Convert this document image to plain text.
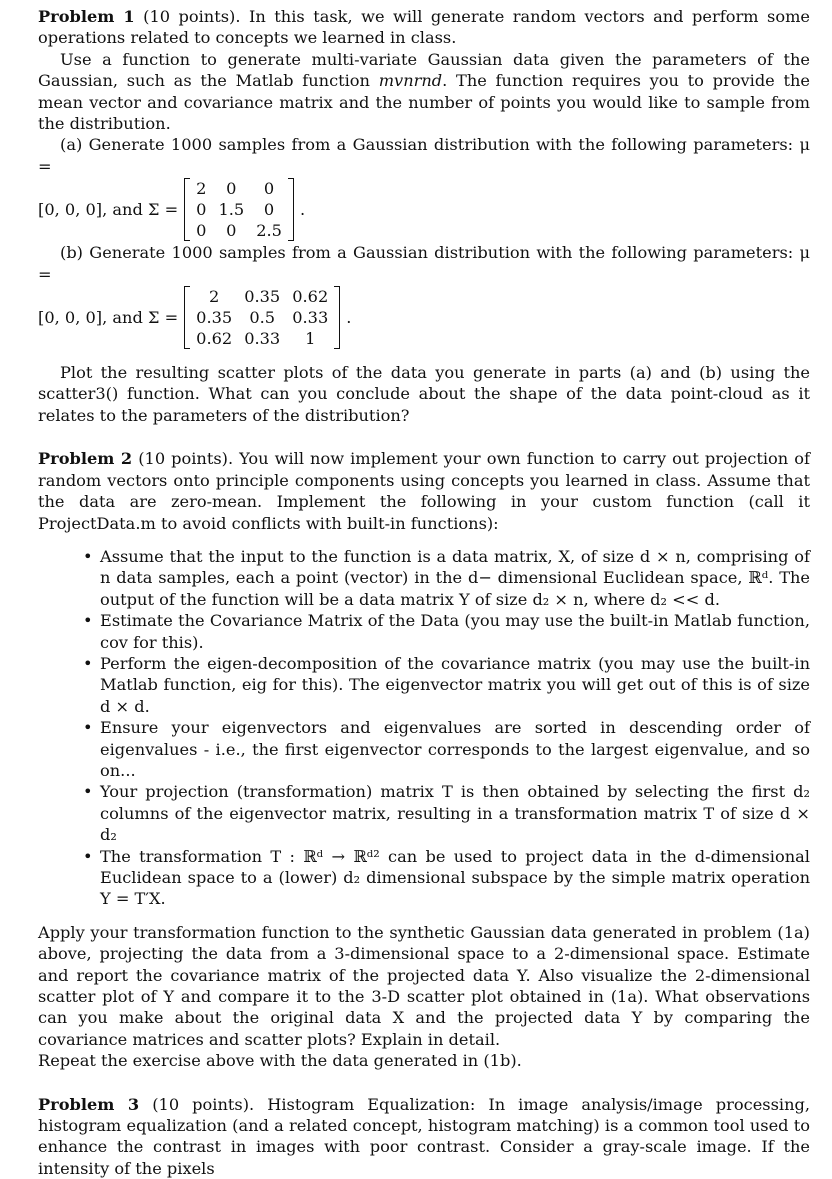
Problem 1 (10 points). In this task, we will generate random vectors and perform some operations related to concepts we learned in class.

Use a function to generate multi-variate Gaussian data given the parameters of the Gaussian, such as the Matlab function mvnrnd. The function requires you to provide the mean vector and covariance matrix and the number of points you would like to sample from the distribution.

(a) Generate 1000 samples from a Gaussian distribution with the following parameters: μ =

[0, 0, 0], and Σ =
2	0	0
0	1.5	0
0	0	2.5
.

(b) Generate 1000 samples from a Gaussian distribution with the following parameters: μ =

[0, 0, 0], and Σ =
2	0.35	0.62
0.35	0.5	0.33
0.62	0.33	1
.

Plot the resulting scatter plots of the data you generate in parts (a) and (b) using the scatter3() function. What can you conclude about the shape of the data point-cloud as it relates to the parameters of the distribution?

Problem 2 (10 points). You will now implement your own function to carry out projection of random vectors onto principle components using concepts you learned in class. Assume that the data are zero-mean. Implement the following in your custom function (call it ProjectData.m to avoid conflicts with built-in functions):

• Assume that the input to the function is a data matrix, X, of size d × n, comprising of n data samples, each a point (vector) in the d− dimensional Euclidean space, ℝᵈ. The output of the function will be a data matrix Y of size d₂ × n, where d₂ << d.
• Estimate the Covariance Matrix of the Data (you may use the built-in Matlab function, cov for this).
• Perform the eigen-decomposition of the covariance matrix (you may use the built-in Matlab function, eig for this). The eigenvector matrix you will get out of this is of size d × d.
• Ensure your eigenvectors and eigenvalues are sorted in descending order of eigenvalues - i.e., the first eigenvector corresponds to the largest eigenvalue, and so on...
• Your projection (transformation) matrix T is then obtained by selecting the first d₂ columns of the eigenvector matrix, resulting in a transformation matrix T of size d × d₂
• The transformation T : ℝᵈ → ℝᵈ² can be used to project data in the d-dimensional Euclidean space to a (lower) d₂ dimensional subspace by the simple matrix operation Y = T′X.

Apply your transformation function to the synthetic Gaussian data generated in problem (1a) above, projecting the data from a 3-dimensional space to a 2-dimensional space. Estimate and report the covariance matrix of the projected data Y. Also visualize the 2-dimensional scatter plot of Y and compare it to the 3-D scatter plot obtained in (1a). What observations can you make about the original data X and the projected data Y by comparing the covariance matrices and scatter plots? Explain in detail.

Repeat the exercise above with the data generated in (1b).

Problem 3 (10 points). Histogram Equalization: In image analysis/image processing, histogram equalization (and a related concept, histogram matching) is a common tool used to enhance the contrast in images with poor contrast. Consider a gray-scale image. If the intensity of the pixels
